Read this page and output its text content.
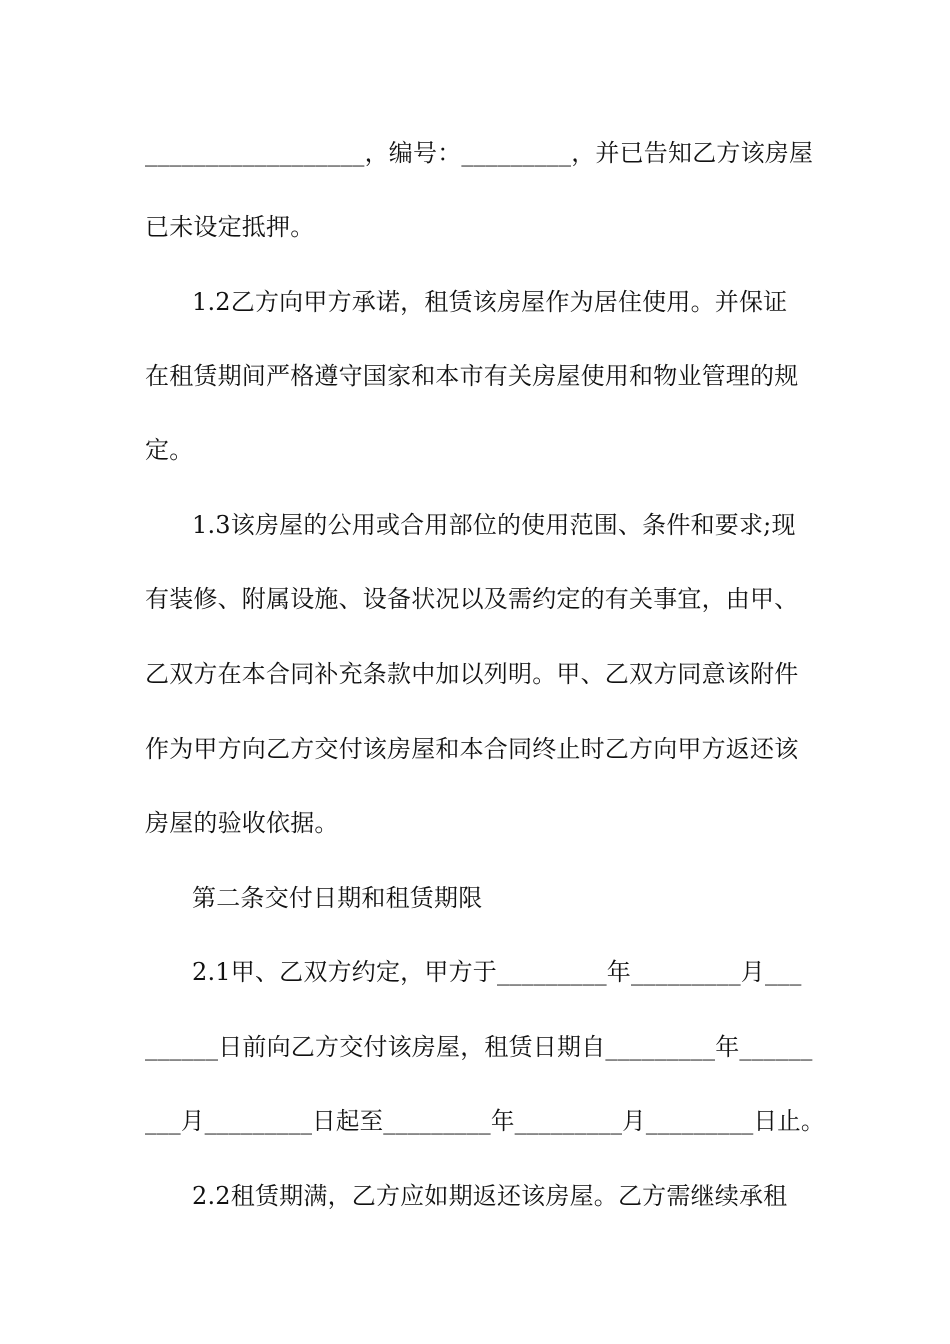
__________________，编号：_________，并已告知乙方该房屋
已未设定抵押。
1.2乙方向甲方承诺，租赁该房屋作为居住使用。并保证
在租赁期间严格遵守国家和本市有关房屋使用和物业管理的规
定。
1.3该房屋的公用或合用部位的使用范围、条件和要求;现
有装修、附属设施、设备状况以及需约定的有关事宜，由甲、
乙双方在本合同补充条款中加以列明。甲、乙双方同意该附件
作为甲方向乙方交付该房屋和本合同终止时乙方向甲方返还该
房屋的验收依据。
第二条交付日期和租赁期限
2.1甲、乙双方约定，甲方于_________年_________月___
______日前向乙方交付该房屋，租赁日期自_________年______
___月_________日起至_________年_________月_________日止。
2.2租赁期满，乙方应如期返还该房屋。乙方需继续承租
